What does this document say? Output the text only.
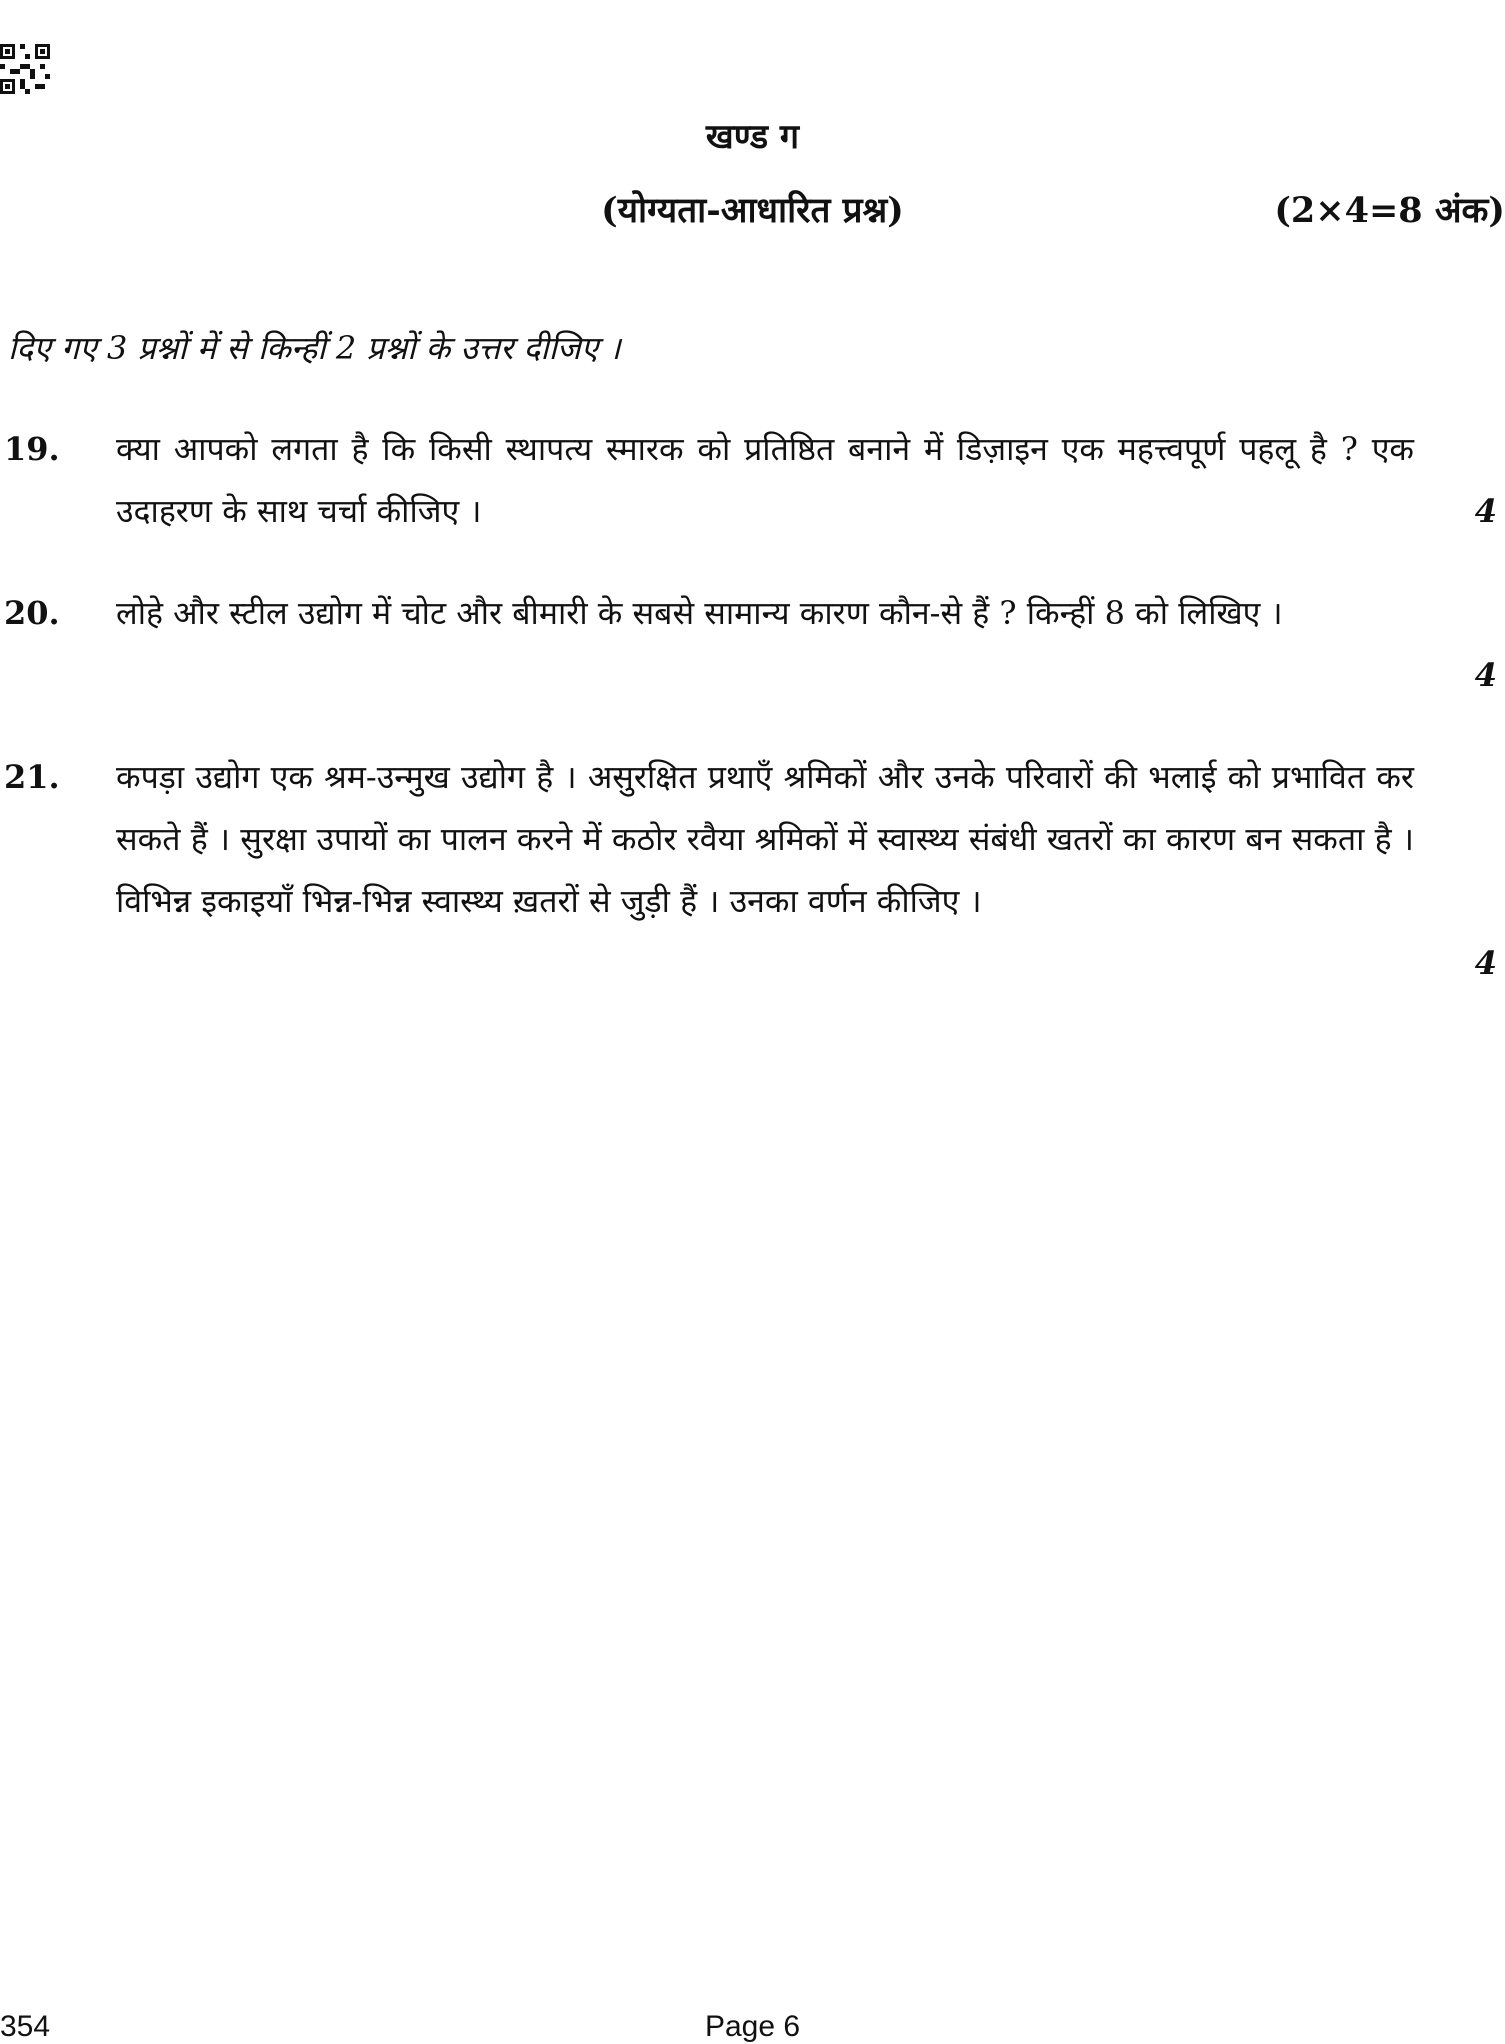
खण्ड ग
(योग्यता-आधारित प्रश्न)	(2×4=8 अंक)

दिए गए 3 प्रश्नों में से किन्हीं 2 प्रश्नों के उत्तर दीजिए ।

19. क्या आपको लगता है कि किसी स्थापत्य स्मारक को प्रतिष्ठित बनाने में डिज़ाइन एक महत्त्वपूर्ण पहलू है ? एक उदाहरण के साथ चर्चा कीजिए ।	4
20. लोहे और स्टील उद्योग में चोट और बीमारी के सबसे सामान्य कारण कौन-से हैं ? किन्हीं 8 को लिखिए ।

4
21. कपड़ा उद्योग एक श्रम-उन्मुख उद्योग है । असुरक्षित प्रथाएँ श्रमिकों और उनके परिवारों की भलाई को प्रभावित कर सकते हैं । सुरक्षा उपायों का पालन करने में कठोर रवैया श्रमिकों में स्वास्थ्य संबंधी खतरों का कारण बन सकता है । विभिन्न इकाइयाँ भिन्न-भिन्न स्वास्थ्य ख़तरों से जुड़ी हैं । उनका वर्णन कीजिए ।

4
354	Page 6
